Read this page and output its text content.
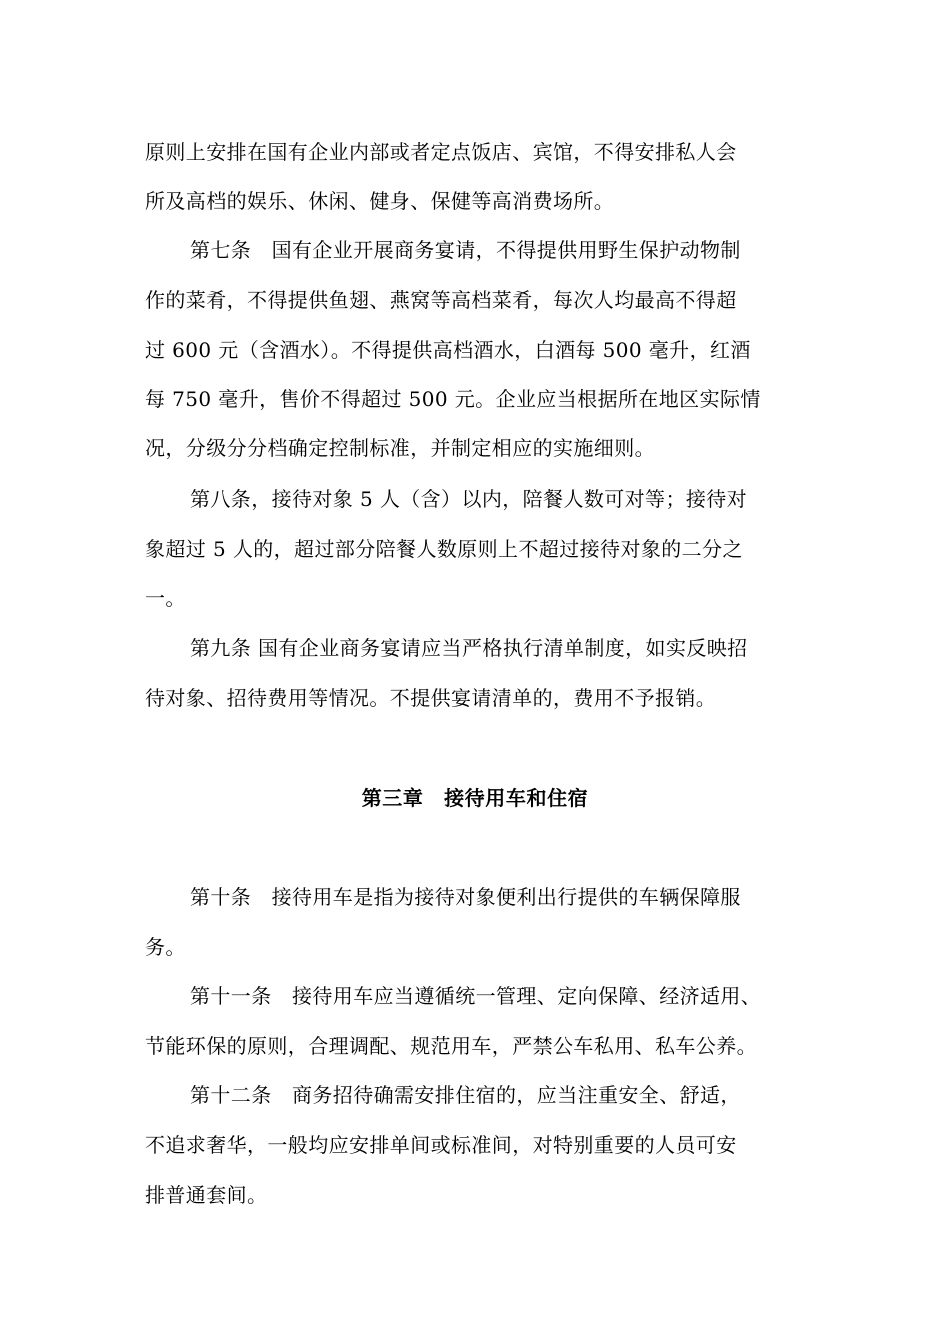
原则上安排在国有企业内部或者定点饭店、宾馆，不得安排私人会
所及高档的娱乐、休闲、健身、保健等高消费场所。
第七条　国有企业开展商务宴请，不得提供用野生保护动物制
作的菜肴，不得提供鱼翅、燕窝等高档菜肴，每次人均最高不得超
过 600 元（含酒水）。不得提供高档酒水，白酒每 500 毫升，红酒
每 750 毫升，售价不得超过 500 元。企业应当根据所在地区实际情
况，分级分分档确定控制标准，并制定相应的实施细则。
第八条，接待对象 5 人（含）以内，陪餐人数可对等；接待对
象超过 5 人的，超过部分陪餐人数原则上不超过接待对象的二分之
一。
第九条 国有企业商务宴请应当严格执行清单制度，如实反映招
待对象、招待费用等情况。不提供宴请清单的，费用不予报销。
第三章　接待用车和住宿
第十条　接待用车是指为接待对象便利出行提供的车辆保障服
务。
第十一条　接待用车应当遵循统一管理、定向保障、经济适用、
节能环保的原则，合理调配、规范用车，严禁公车私用、私车公养。
第十二条　商务招待确需安排住宿的，应当注重安全、舒适，
不追求奢华，一般均应安排单间或标准间，对特别重要的人员可安
排普通套间。
